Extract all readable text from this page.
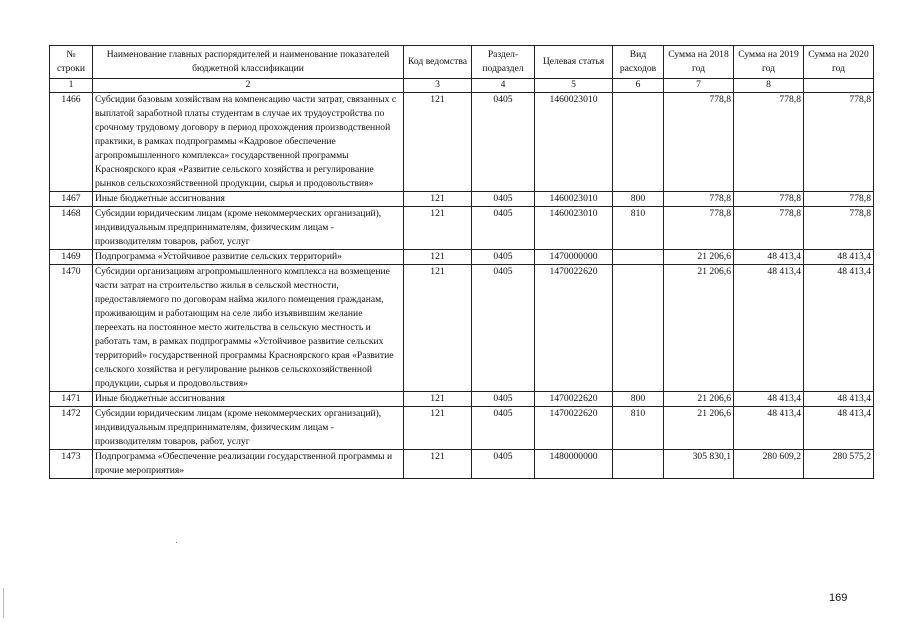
№ строки	Наименование главных распорядителей и наименование показателей бюджетной классификации	Код ведомства	Раздел-подраздел	Целевая статья	Вид расходов	Сумма на 2018 год	Сумма на 2019 год	Сумма на 2020 год
1	2	3	4	5	6	7	8	
1466	Субсидии базовым хозяйствам на компенсацию части затрат, связанных с выплатой заработной платы студентам в случае их трудоустройства по срочному трудовому договору в период прохождения производственной практики, в рамках подпрограммы «Кадровое обеспечение агропромышленного комплекса» государственной программы Красноярского края «Развитие сельского хозяйства и регулирование рынков сельскохозяйственной продукции, сырья и продовольствия»	121	0405	1460023010		778,8	778,8	778,8
1467	Иные бюджетные ассигнования	121	0405	1460023010	800	778,8	778,8	778,8
1468	Субсидии юридическим лицам (кроме некоммерческих организаций), индивидуальным предпринимателям, физическим лицам - производителям товаров, работ, услуг	121	0405	1460023010	810	778,8	778,8	778,8
1469	Подпрограмма «Устойчивое развитие сельских территорий»	121	0405	1470000000		21 206,6	48 413,4	48 413,4
1470	Субсидии организациям агропромышленного комплекса на возмещение части затрат на строительство жилья в сельской местности, предоставляемого по договорам найма жилого помещения гражданам, проживающим и работающим на селе либо изъявившим желание переехать на постоянное место жительства в сельскую местность и работать там, в рамках подпрограммы «Устойчивое развитие сельских территорий» государственной программы Красноярского края «Развитие сельского хозяйства и регулирование рынков сельскохозяйственной продукции, сырья и продовольствия»	121	0405	1470022620		21 206,6	48 413,4	48 413,4
1471	Иные бюджетные ассигнования	121	0405	1470022620	800	21 206,6	48 413,4	48 413,4
1472	Субсидии юридическим лицам (кроме некоммерческих организаций), индивидуальным предпринимателям, физическим лицам - производителям товаров, работ, услуг	121	0405	1470022620	810	21 206,6	48 413,4	48 413,4
1473	Подпрограмма «Обеспечение реализации государственной программы и прочие мероприятия»	121	0405	1480000000		305 830,1	280 609,2	280 575,2
169
